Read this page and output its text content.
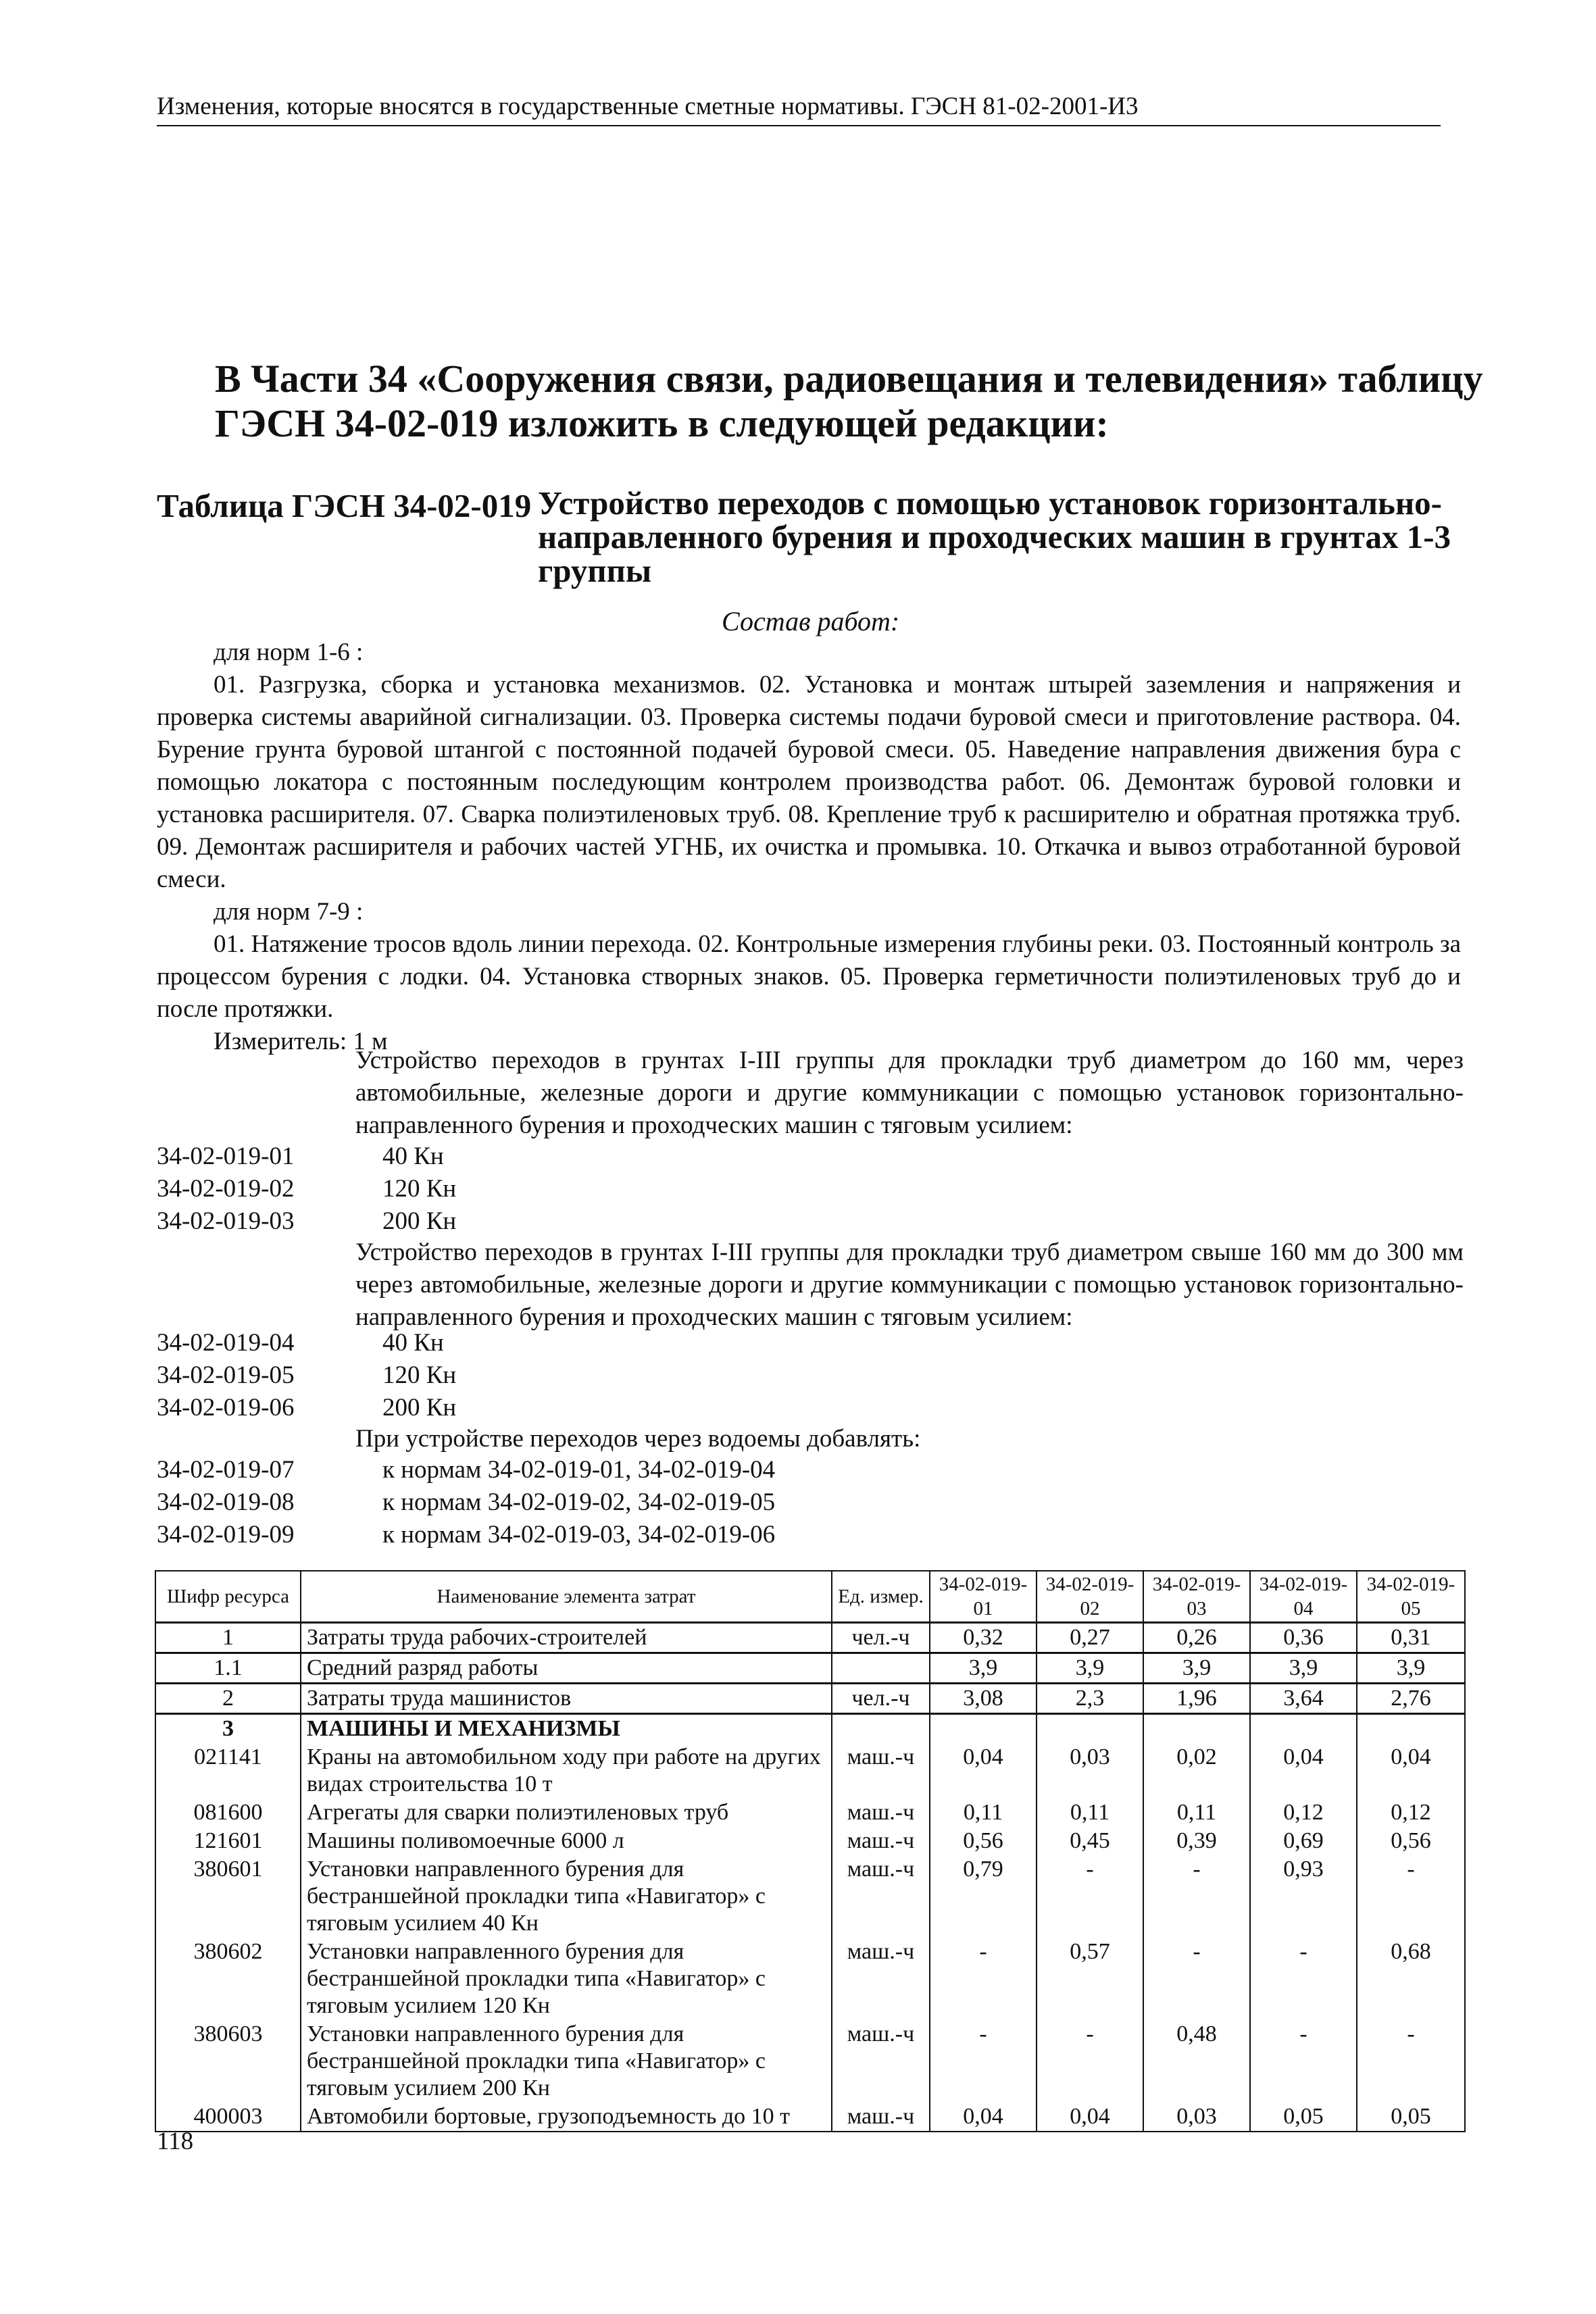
Изменения, которые вносятся в государственные сметные нормативы. ГЭСН 81-02-2001-И3
В Части 34 «Сооружения связи, радиовещания и телевидения» таблицу ГЭСН 34-02-019 изложить в следующей редакции:
Таблица ГЭСН 34-02-019 Устройство переходов с помощью установок горизонтально-направленного бурения и проходческих машин в грунтах 1-3 группы
Состав работ:

для норм 1-6 :

01. Разгрузка, сборка и установка механизмов. 02. Установка и монтаж штырей заземления и напряжения и проверка системы аварийной сигнализации. 03. Проверка системы подачи буровой смеси и приготовление раствора. 04. Бурение грунта буровой штангой с постоянной подачей буровой смеси. 05. Наведение направления движения бура с помощью локатора с постоянным последующим контролем производства работ. 06. Демонтаж буровой головки и установка расширителя. 07. Сварка полиэтиленовых труб. 08. Крепление труб к расширителю и обратная протяжка труб. 09. Демонтаж расширителя и рабочих частей УГНБ, их очистка и промывка. 10. Откачка и вывоз отработанной буровой смеси.

для норм 7-9 :

01. Натяжение тросов вдоль линии перехода. 02. Контрольные измерения глубины реки. 03. Постоянный контроль за процессом бурения с лодки. 04. Установка створных знаков. 05. Проверка герметичности полиэтиленовых труб до и после протяжки.

Измеритель: 1 м

Устройство переходов в грунтах I-III группы для прокладки труб диаметром до 160 мм, через автомобильные, железные дороги и другие коммуникации с помощью установок горизонтально-направленного бурения и проходческих машин с тяговым усилием:
34-02-019-01	40 Кн
34-02-019-02	120 Кн
34-02-019-03	200 Кн
Устройство переходов в грунтах I-III группы для прокладки труб диаметром свыше 160 мм до 300 мм через автомобильные, железные дороги и другие коммуникации с помощью установок горизонтально-направленного бурения и проходческих машин с тяговым усилием:
34-02-019-04	40 Кн
34-02-019-05	120 Кн
34-02-019-06	200 Кн
При устройстве переходов через водоемы добавлять:
34-02-019-07	к нормам 34-02-019-01, 34-02-019-04
34-02-019-08	к нормам 34-02-019-02, 34-02-019-05
34-02-019-09	к нормам 34-02-019-03, 34-02-019-06
Шифр ресурса	Наименование элемента затрат	Ед. измер.	34-02-019-01	34-02-019-02	34-02-019-03	34-02-019-04	34-02-019-05
1	Затраты труда рабочих-строителей	чел.-ч	0,32	0,27	0,26	0,36	0,31
1.1	Средний разряд работы		3,9	3,9	3,9	3,9	3,9
2	Затраты труда машинистов	чел.-ч	3,08	2,3	1,96	3,64	2,76
3	МАШИНЫ И МЕХАНИЗМЫ						
021141	Краны на автомобильном ходу при работе на других видах строительства 10 т	маш.-ч	0,04	0,03	0,02	0,04	0,04
081600	Агрегаты для сварки полиэтиленовых труб	маш.-ч	0,11	0,11	0,11	0,12	0,12
121601	Машины поливомоечные 6000 л	маш.-ч	0,56	0,45	0,39	0,69	0,56
380601	Установки направленного бурения для бестраншейной прокладки типа «Навигатор» с тяговым усилием 40 Кн	маш.-ч	0,79	-	-	0,93	-
380602	Установки направленного бурения для бестраншейной прокладки типа «Навигатор» с тяговым усилием 120 Кн	маш.-ч	-	0,57	-	-	0,68
380603	Установки направленного бурения для бестраншейной прокладки типа «Навигатор» с тяговым усилием 200 Кн	маш.-ч	-	-	0,48	-	-
400003	Автомобили бортовые, грузоподъемность до 10 т	маш.-ч	0,04	0,04	0,03	0,05	0,05
118
